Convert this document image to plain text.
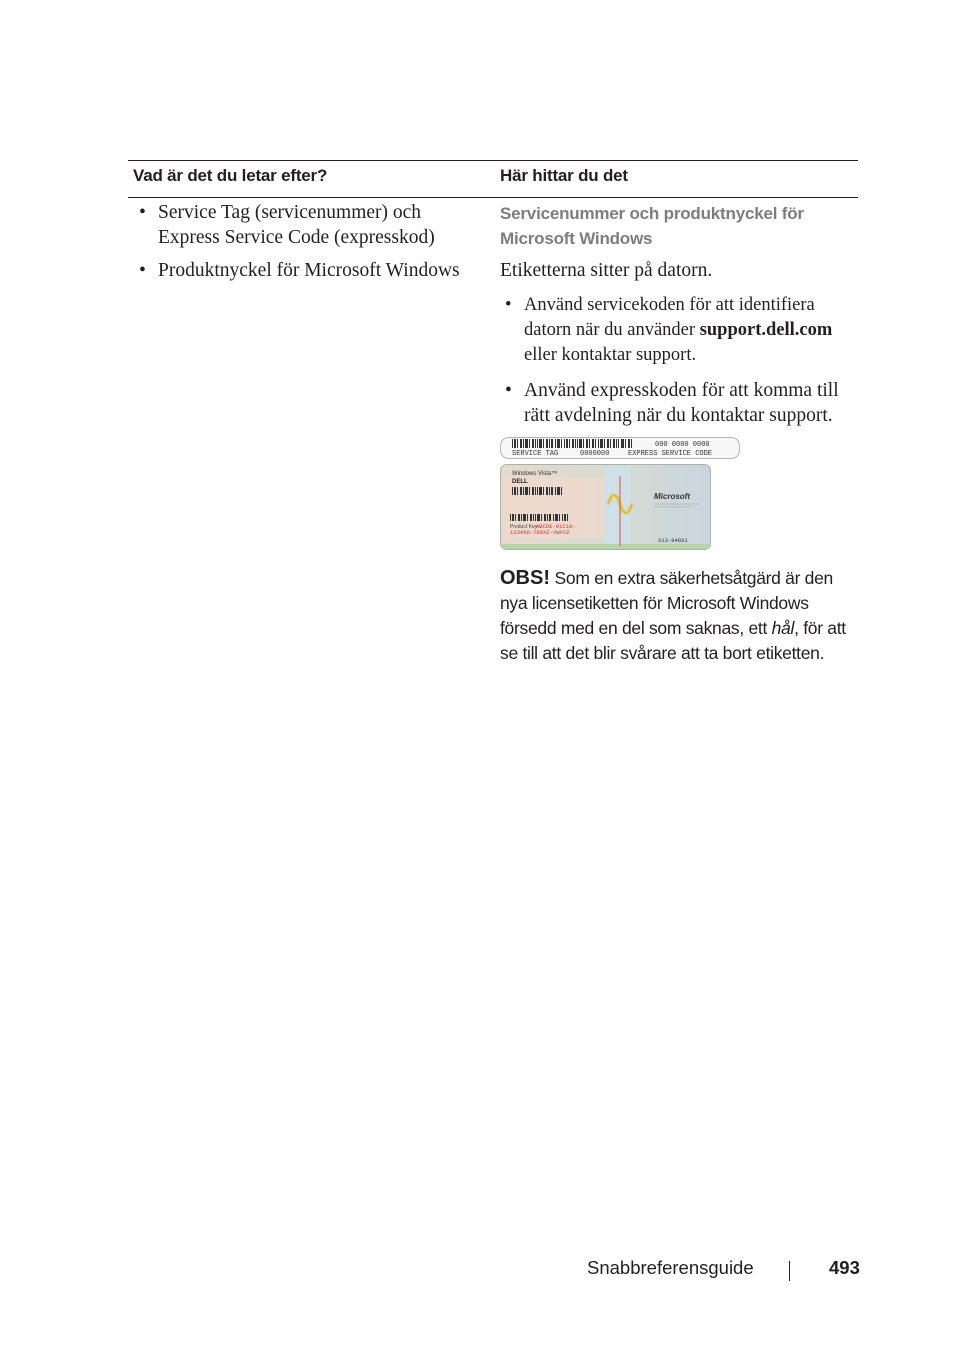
Vad är det du letar efter?	Här hittar du det
• Service Tag (servicenummer) och
Express Service Code (expresskod)
• Produktnyckel för Microsoft Windows
Servicenummer och produktnyckel för
Microsoft Windows
Etiketterna sitter på datorn.
• Använd servicekoden för att identifiera
datorn när du använder support.dell.com
eller kontaktar support.
• Använd expresskoden för att komma till
rätt avdelning när du kontaktar support.
000 0000 0000
SERVICE TAG	0000000	EXPRESS SERVICE CODE
Windows Vista™
DELL
Product Key:
ABCDE-01C10-
123456-789XZ-VWXYZ
Microsoft
X13-84661
OBS! Som en extra säkerhetsåtgärd är den
nya licensetiketten för Microsoft Windows
försedd med en del som saknas, ett hål, för att
se till att det blir svårare att ta bort etiketten.
Snabbreferensguide	493
